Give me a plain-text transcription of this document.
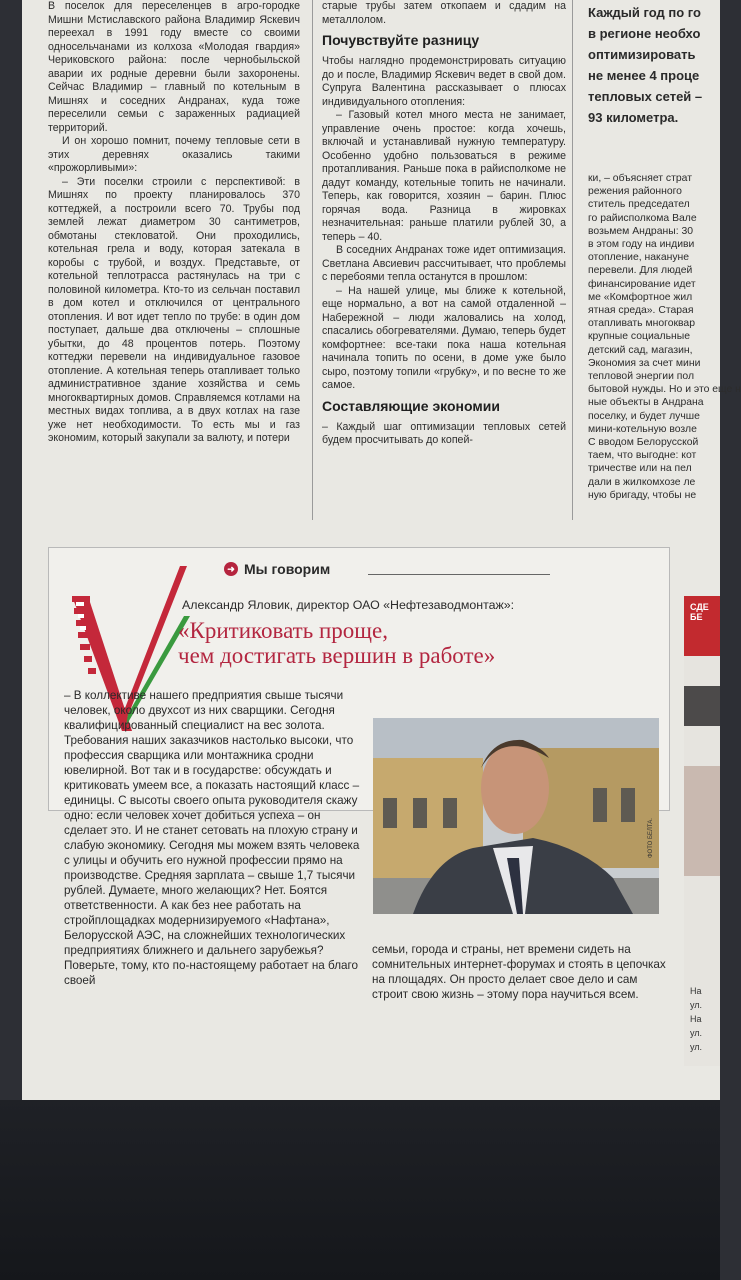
В поселок для переселенцев в агро-городке Мишни Мстиславского района Владимир Яскевич переехал в 1991 году вместе со своими односельчанами из колхоза «Молодая гвардия» Чериковского района: после чернобыльской аварии их родные деревни были захоронены. Сейчас Владимир – главный по котельным в Мишнях и соседних Андранах, куда тоже переселили семьи с зараженных радиацией территорий.

И он хорошо помнит, почему тепловые сети в этих деревнях оказались такими «прожорливыми»:

– Эти поселки строили с перспективой: в Мишнях по проекту планировалось 370 коттеджей, а построили всего 70. Трубы под землей лежат диаметром 30 сантиметров, обмотаны стекловатой. Они проходились, котельная грела и воду, которая затекала в коробы с трубой, и воздух. Представьте, от котельной теплотрасса растянулась на три с половиной километра. Кто-то из сельчан поставил в дом котел и отключился от центрального отопления. И вот идет тепло по трубе: в один дом поступает, дальше два отключены – сплошные убытки, до 48 процентов потерь. Поэтому коттеджи перевели на индивидуальное газовое отопление. А котельная теперь отапливает только административное здание хозяйства и семь многоквартирных домов. Справляемся котлами на местных видах топлива, а в двух котлах на газе уже нет необходимости. То есть мы и газ экономим, который закупали за валюту, и потери

старые трубы затем откопаем и сдадим на металлолом.

Почувствуйте разницу

Чтобы наглядно продемонстрировать ситуацию до и после, Владимир Яскевич ведет в свой дом. Супруга Валентина рассказывает о плюсах индивидуального отопления:

– Газовый котел много места не занимает, управление очень простое: когда хочешь, включай и устанавливай нужную температуру. Особенно удобно пользоваться в режиме протапливания. Раньше пока в райисполкоме не дадут команду, котельные топить не начинали. Теперь, как говорится, хозяин – барин. Плюс горячая вода. Разница в жировках незначительная: раньше платили рублей 30, а теперь – 40.

В соседних Андранах тоже идет оптимизация. Светлана Авсиевич рассчитывает, что проблемы с перебоями тепла останутся в прошлом:

– На нашей улице, мы ближе к котельной, еще нормально, а вот на самой отдаленной – Набережной – люди жаловались на холод, спасались обогревателями. Думаю, теперь будет комфортнее: все-таки пока наша котельная начинала топить по осени, в доме уже было сыро, поэтому топили «грубку», и по весне то же самое.

Составляющие экономии

– Каждый шаг оптимизации тепловых сетей будем просчитывать до копей-

Каждый год по го
в регионе необхо
оптимизировать
не менее 4 проце
тепловых сетей –
93 километра.
ки, – объясняет страт
режения районного
ститель председател
го райисполкома Вале
возьмем Андраны: 30
в этом году на индиви
отопление, накануне
перевели. Для людей
финансирование идет
ме «Комфортное жил
ятная среда». Старая
отапливать многоквар
крупные социальные
детский сад, магазин,
Экономия за счет мини
тепловой энергии пол
бытовой нужды. Но и это еще н
ные объекты в Андрана
поселку, и будет лучше
мини-котельную возле
С вводом Белорусской
таем, что выгодне: кот
тричестве или на пел
дали в жилкомхозе ле
ную бригаду, чтобы не
➜ Мы говорим
Александр Яловик, директор ОАО «Нефтезаводмонтаж»:
«Критиковать проще,
чем достигать вершин в работе»
– В коллективе нашего предприятия свыше тысячи человек, около двухсот из них сварщики. Сегодня квалифицированный специалист на вес золота. Требования наших заказчиков настолько высоки, что профессия сварщика или монтажника сродни ювелирной. Вот так и в государстве: обсуждать и критиковать умеем все, а показать настоящий класс – единицы. С высоты своего опыта руководителя скажу одно: если человек хочет добиться успеха – он сделает это. И не станет сетовать на плохую страну и слабую экономику. Сегодня мы можем взять человека с улицы и обучить его нужной профессии прямо на производстве. Средняя зарплата – свыше 1,7 тысячи рублей. Думаете, много желающих? Нет. Боятся ответственности. А как без нее работать на стройплощадках модернизируемого «Нафтана», Белорусской АЭС, на сложнейших технологических предприятиях ближнего и дальнего зарубежья? Поверьте, тому, кто по-настоящему работает на благо своей
ФОТО БЕЛТА.
семьи, города и страны, нет времени сидеть на сомнительных интернет-форумах и стоять в цепочках на площадях. Он просто делает свое дело и сам строит свою жизнь – этому пора научиться всем.
СДЕ БЕ
На
ул.
На
ул.
ул.
